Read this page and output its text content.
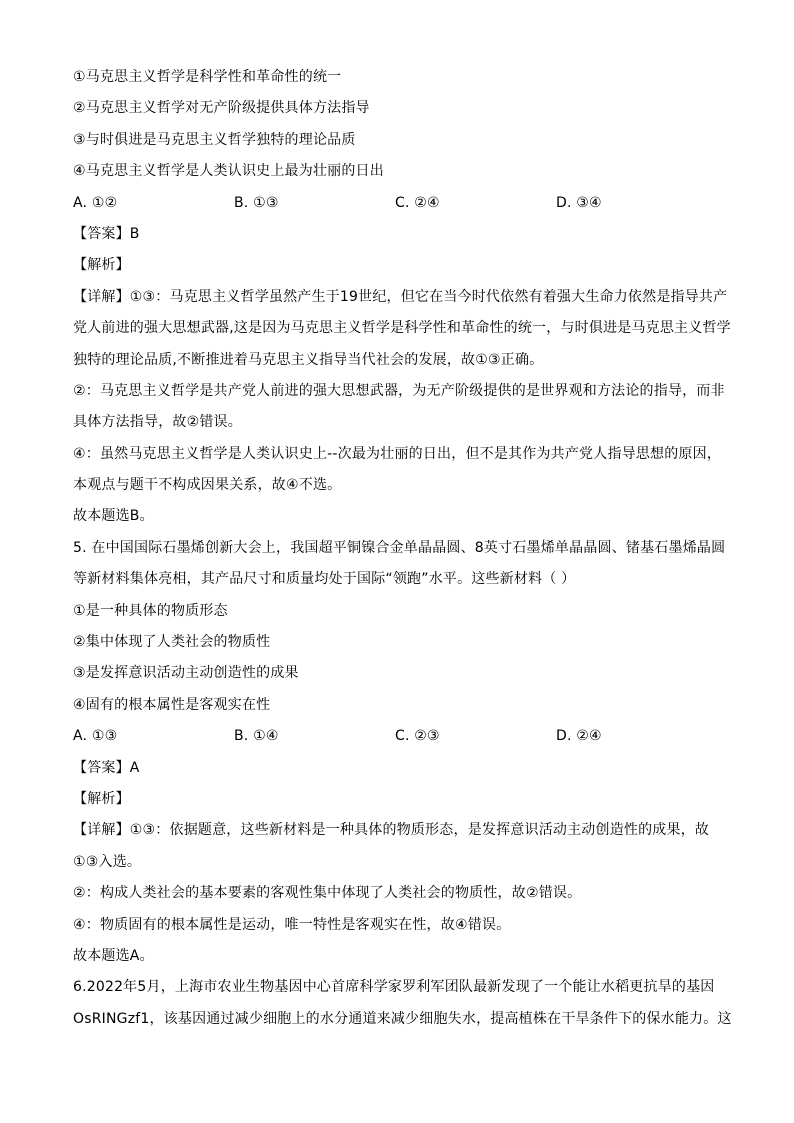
①马克思主义哲学是科学性和革命性的统一
②马克思主义哲学对无产阶级提供具体方法指导
③与时俱进是马克思主义哲学独特的理论品质
④马克思主义哲学是人类认识史上最为壮丽的日出
A. ①②	B. ①③	C. ②④	D. ③④
【答案】B
【解析】
【详解】①③：马克思主义哲学虽然产生于19世纪，但它在当今时代依然有着强大生命力依然是指导共产
党人前进的强大思想武器,这是因为马克思主义哲学是科学性和革命性的统一，与时俱进是马克思主义哲学
独特的理论品质,不断推进着马克思主义指导当代社会的发展，故①③正确。
②：马克思主义哲学是共产党人前进的强大思想武器，为无产阶级提供的是世界观和方法论的指导，而非
具体方法指导，故②错误。
④：虽然马克思主义哲学是人类认识史上--次最为壮丽的日出，但不是其作为共产党人指导思想的原因，
本观点与题干不构成因果关系，故④不选。
故本题选B。
5. 在中国国际石墨烯创新大会上，我国超平铜镍合金单晶晶圆、8英寸石墨烯单晶晶圆、锗基石墨烯晶圆
等新材料集体亮相，其产品尺寸和质量均处于国际“领跑”水平。这些新材料（ ）
①是一种具体的物质形态
②集中体现了人类社会的物质性
③是发挥意识活动主动创造性的成果
④固有的根本属性是客观实在性
A. ①③	B. ①④	C. ②③	D. ②④
【答案】A
【解析】
【详解】①③：依据题意，这些新材料是一种具体的物质形态，是发挥意识活动主动创造性的成果，故
①③入选。
②：构成人类社会的基本要素的客观性集中体现了人类社会的物质性，故②错误。
④：物质固有的根本属性是运动，唯一特性是客观实在性，故④错误。
故本题选A。
6.2022年5月，上海市农业生物基因中心首席科学家罗利军团队最新发现了一个能让水稻更抗旱的基因
OsRINGzf1，该基因通过减少细胞上的水分通道来减少细胞失水，提高植株在干旱条件下的保水能力。这
